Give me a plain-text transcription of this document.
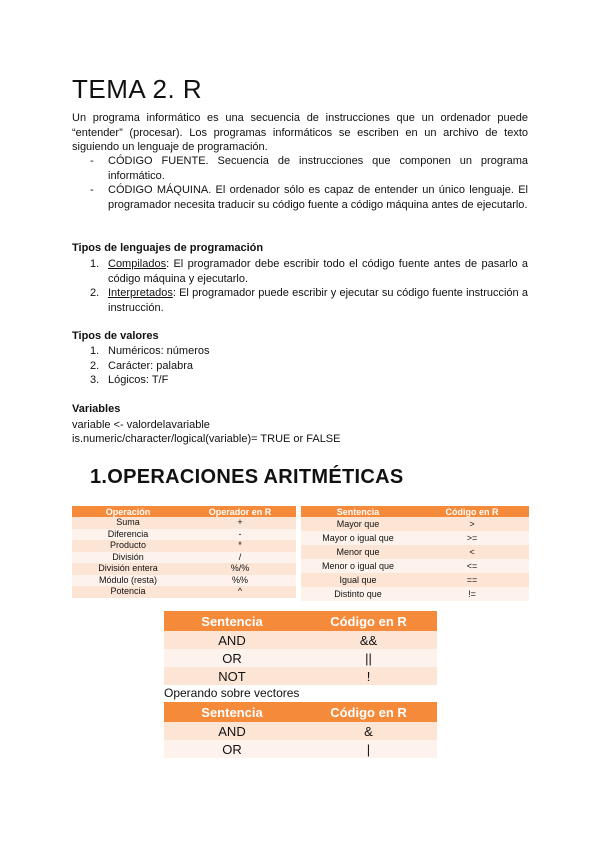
TEMA 2. R

Un programa informático es una secuencia de instrucciones que un ordenador puede “entender” (procesar). Los programas informáticos se escriben en un archivo de texto siguiendo un lenguaje de programación.

- CÓDIGO FUENTE. Secuencia de instrucciones que componen un programa informático.
- CÓDIGO MÁQUINA. El ordenador sólo es capaz de entender un único lenguaje. El programador necesita traducir su código fuente a código máquina antes de ejecutarlo.
Tipos de lenguajes de programación
1. Compilados: El programador debe escribir todo el código fuente antes de pasarlo a código máquina y ejecutarlo.
2. Interpretados: El programador puede escribir y ejecutar su código fuente instrucción a instrucción.
Tipos de valores
1. Numéricos: números
2. Carácter: palabra
3. Lógicos: T/F
Variables
variable <- valordelavariable
is.numeric/character/logical(variable)= TRUE or FALSE
1.OPERACIONES ARITMÉTICAS
Operación	Operador en R
Suma	+
Diferencia	-
Producto	*
División	/
División entera	%/%
Módulo (resta)	%%
Potencia	^
Sentencia	Código en R
Mayor que	>
Mayor o igual que	>=
Menor que	<
Menor o igual que	<=
Igual que	==
Distinto que	!=
Sentencia	Código en R
AND	&&
OR	||
NOT	!
Operando sobre vectores
Sentencia	Código en R
AND	&
OR	|
